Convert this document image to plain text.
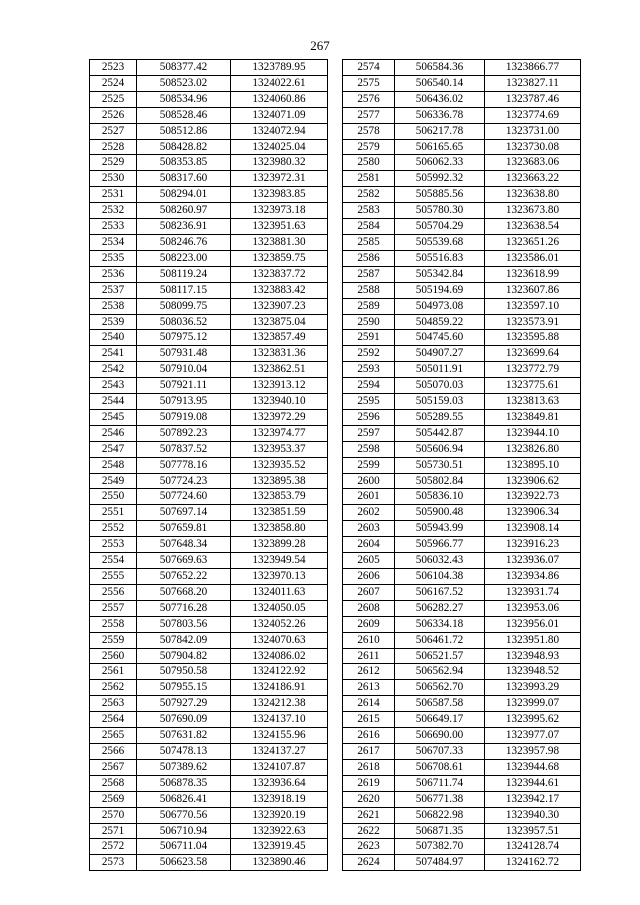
267
2523	508377.42	1323789.95
2524	508523.02	1324022.61
2525	508534.96	1324060.86
2526	508528.46	1324071.09
2527	508512.86	1324072.94
2528	508428.82	1324025.04
2529	508353.85	1323980.32
2530	508317.60	1323972.31
2531	508294.01	1323983.85
2532	508260.97	1323973.18
2533	508236.91	1323951.63
2534	508246.76	1323881.30
2535	508223.00	1323859.75
2536	508119.24	1323837.72
2537	508117.15	1323883.42
2538	508099.75	1323907.23
2539	508036.52	1323875.04
2540	507975.12	1323857.49
2541	507931.48	1323831.36
2542	507910.04	1323862.51
2543	507921.11	1323913.12
2544	507913.95	1323940.10
2545	507919.08	1323972.29
2546	507892.23	1323974.77
2547	507837.52	1323953.37
2548	507778.16	1323935.52
2549	507724.23	1323895.38
2550	507724.60	1323853.79
2551	507697.14	1323851.59
2552	507659.81	1323858.80
2553	507648.34	1323899.28
2554	507669.63	1323949.54
2555	507652.22	1323970.13
2556	507668.20	1324011.63
2557	507716.28	1324050.05
2558	507803.56	1324052.26
2559	507842.09	1324070.63
2560	507904.82	1324086.02
2561	507950.58	1324122.92
2562	507955.15	1324186.91
2563	507927.29	1324212.38
2564	507690.09	1324137.10
2565	507631.82	1324155.96
2566	507478.13	1324137.27
2567	507389.62	1324107.87
2568	506878.35	1323936.64
2569	506826.41	1323918.19
2570	506770.56	1323920.19
2571	506710.94	1323922.63
2572	506711.04	1323919.45
2573	506623.58	1323890.46
2574	506584.36	1323866.77
2575	506540.14	1323827.11
2576	506436.02	1323787.46
2577	506336.78	1323774.69
2578	506217.78	1323731.00
2579	506165.65	1323730.08
2580	506062.33	1323683.06
2581	505992.32	1323663.22
2582	505885.56	1323638.80
2583	505780.30	1323673.80
2584	505704.29	1323638.54
2585	505539.68	1323651.26
2586	505516.83	1323586.01
2587	505342.84	1323618.99
2588	505194.69	1323607.86
2589	504973.08	1323597.10
2590	504859.22	1323573.91
2591	504745.60	1323595.88
2592	504907.27	1323699.64
2593	505011.91	1323772.79
2594	505070.03	1323775.61
2595	505159.03	1323813.63
2596	505289.55	1323849.81
2597	505442.87	1323944.10
2598	505606.94	1323826.80
2599	505730.51	1323895.10
2600	505802.84	1323906.62
2601	505836.10	1323922.73
2602	505900.48	1323906.34
2603	505943.99	1323908.14
2604	505966.77	1323916.23
2605	506032.43	1323936.07
2606	506104.38	1323934.86
2607	506167.52	1323931.74
2608	506282.27	1323953.06
2609	506334.18	1323956.01
2610	506461.72	1323951.80
2611	506521.57	1323948.93
2612	506562.94	1323948.52
2613	506562.70	1323993.29
2614	506587.58	1323999.07
2615	506649.17	1323995.62
2616	506690.00	1323977.07
2617	506707.33	1323957.98
2618	506708.61	1323944.68
2619	506711.74	1323944.61
2620	506771.38	1323942.17
2621	506822.98	1323940.30
2622	506871.35	1323957.51
2623	507382.70	1324128.74
2624	507484.97	1324162.72
